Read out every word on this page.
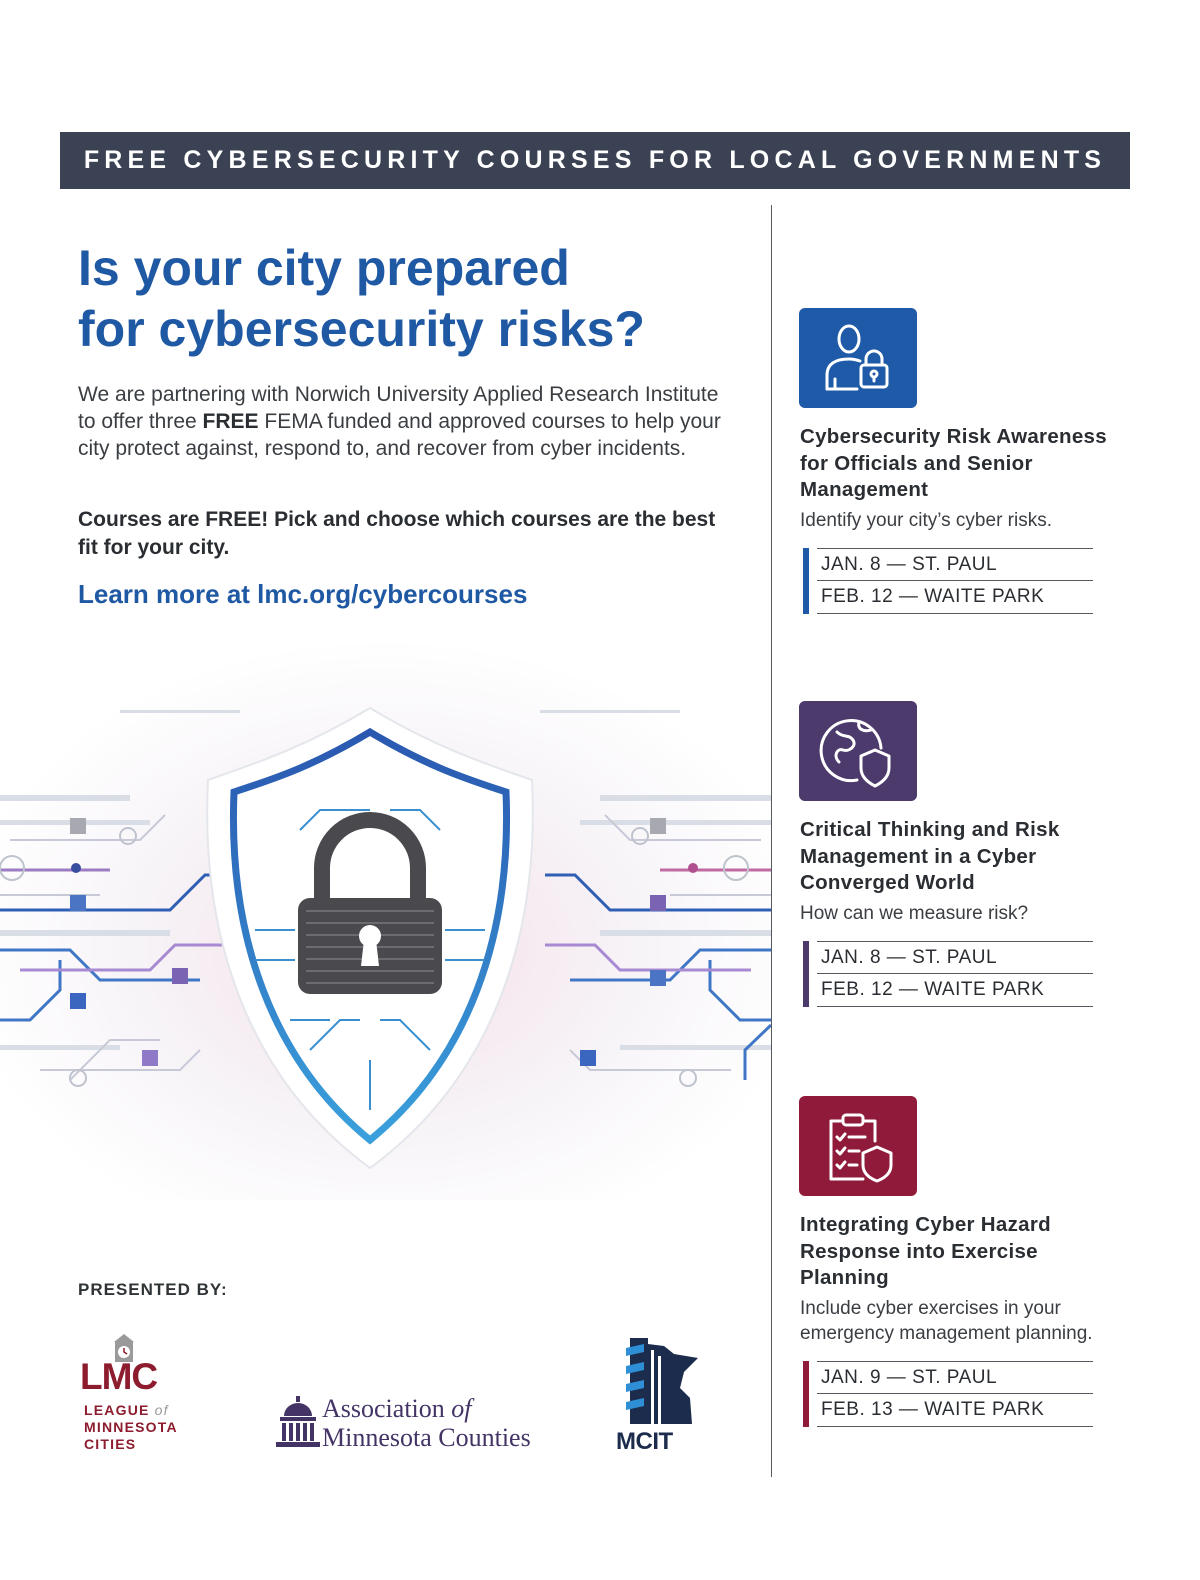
FREE CYBERSECURITY COURSES FOR LOCAL GOVERNMENTS
Is your city prepared
for cybersecurity risks?

We are partnering with Norwich University Applied Research Institute to offer three FREE FEMA funded and approved courses to help your city protect against, respond to, and recover from cyber incidents.

Courses are FREE! Pick and choose which courses are the best fit for your city.

Learn more at lmc.org/cybercourses

PRESENTED BY:

LMC
LEAGUE of
MINNESOTA
CITIES
Association of
Minnesota Counties	MCIT

Cybersecurity Risk Awareness for Officials and Senior Management

Identify your city’s cyber risks.

JAN. 8 — ST. PAUL
FEB. 12 — WAITE PARK

Critical Thinking and Risk Management in a Cyber Converged World

How can we measure risk?

JAN. 8 — ST. PAUL
FEB. 12 — WAITE PARK

Integrating Cyber Hazard Response into Exercise Planning

Include cyber exercises in your emergency management planning.

JAN. 9 — ST. PAUL
FEB. 13 — WAITE PARK
